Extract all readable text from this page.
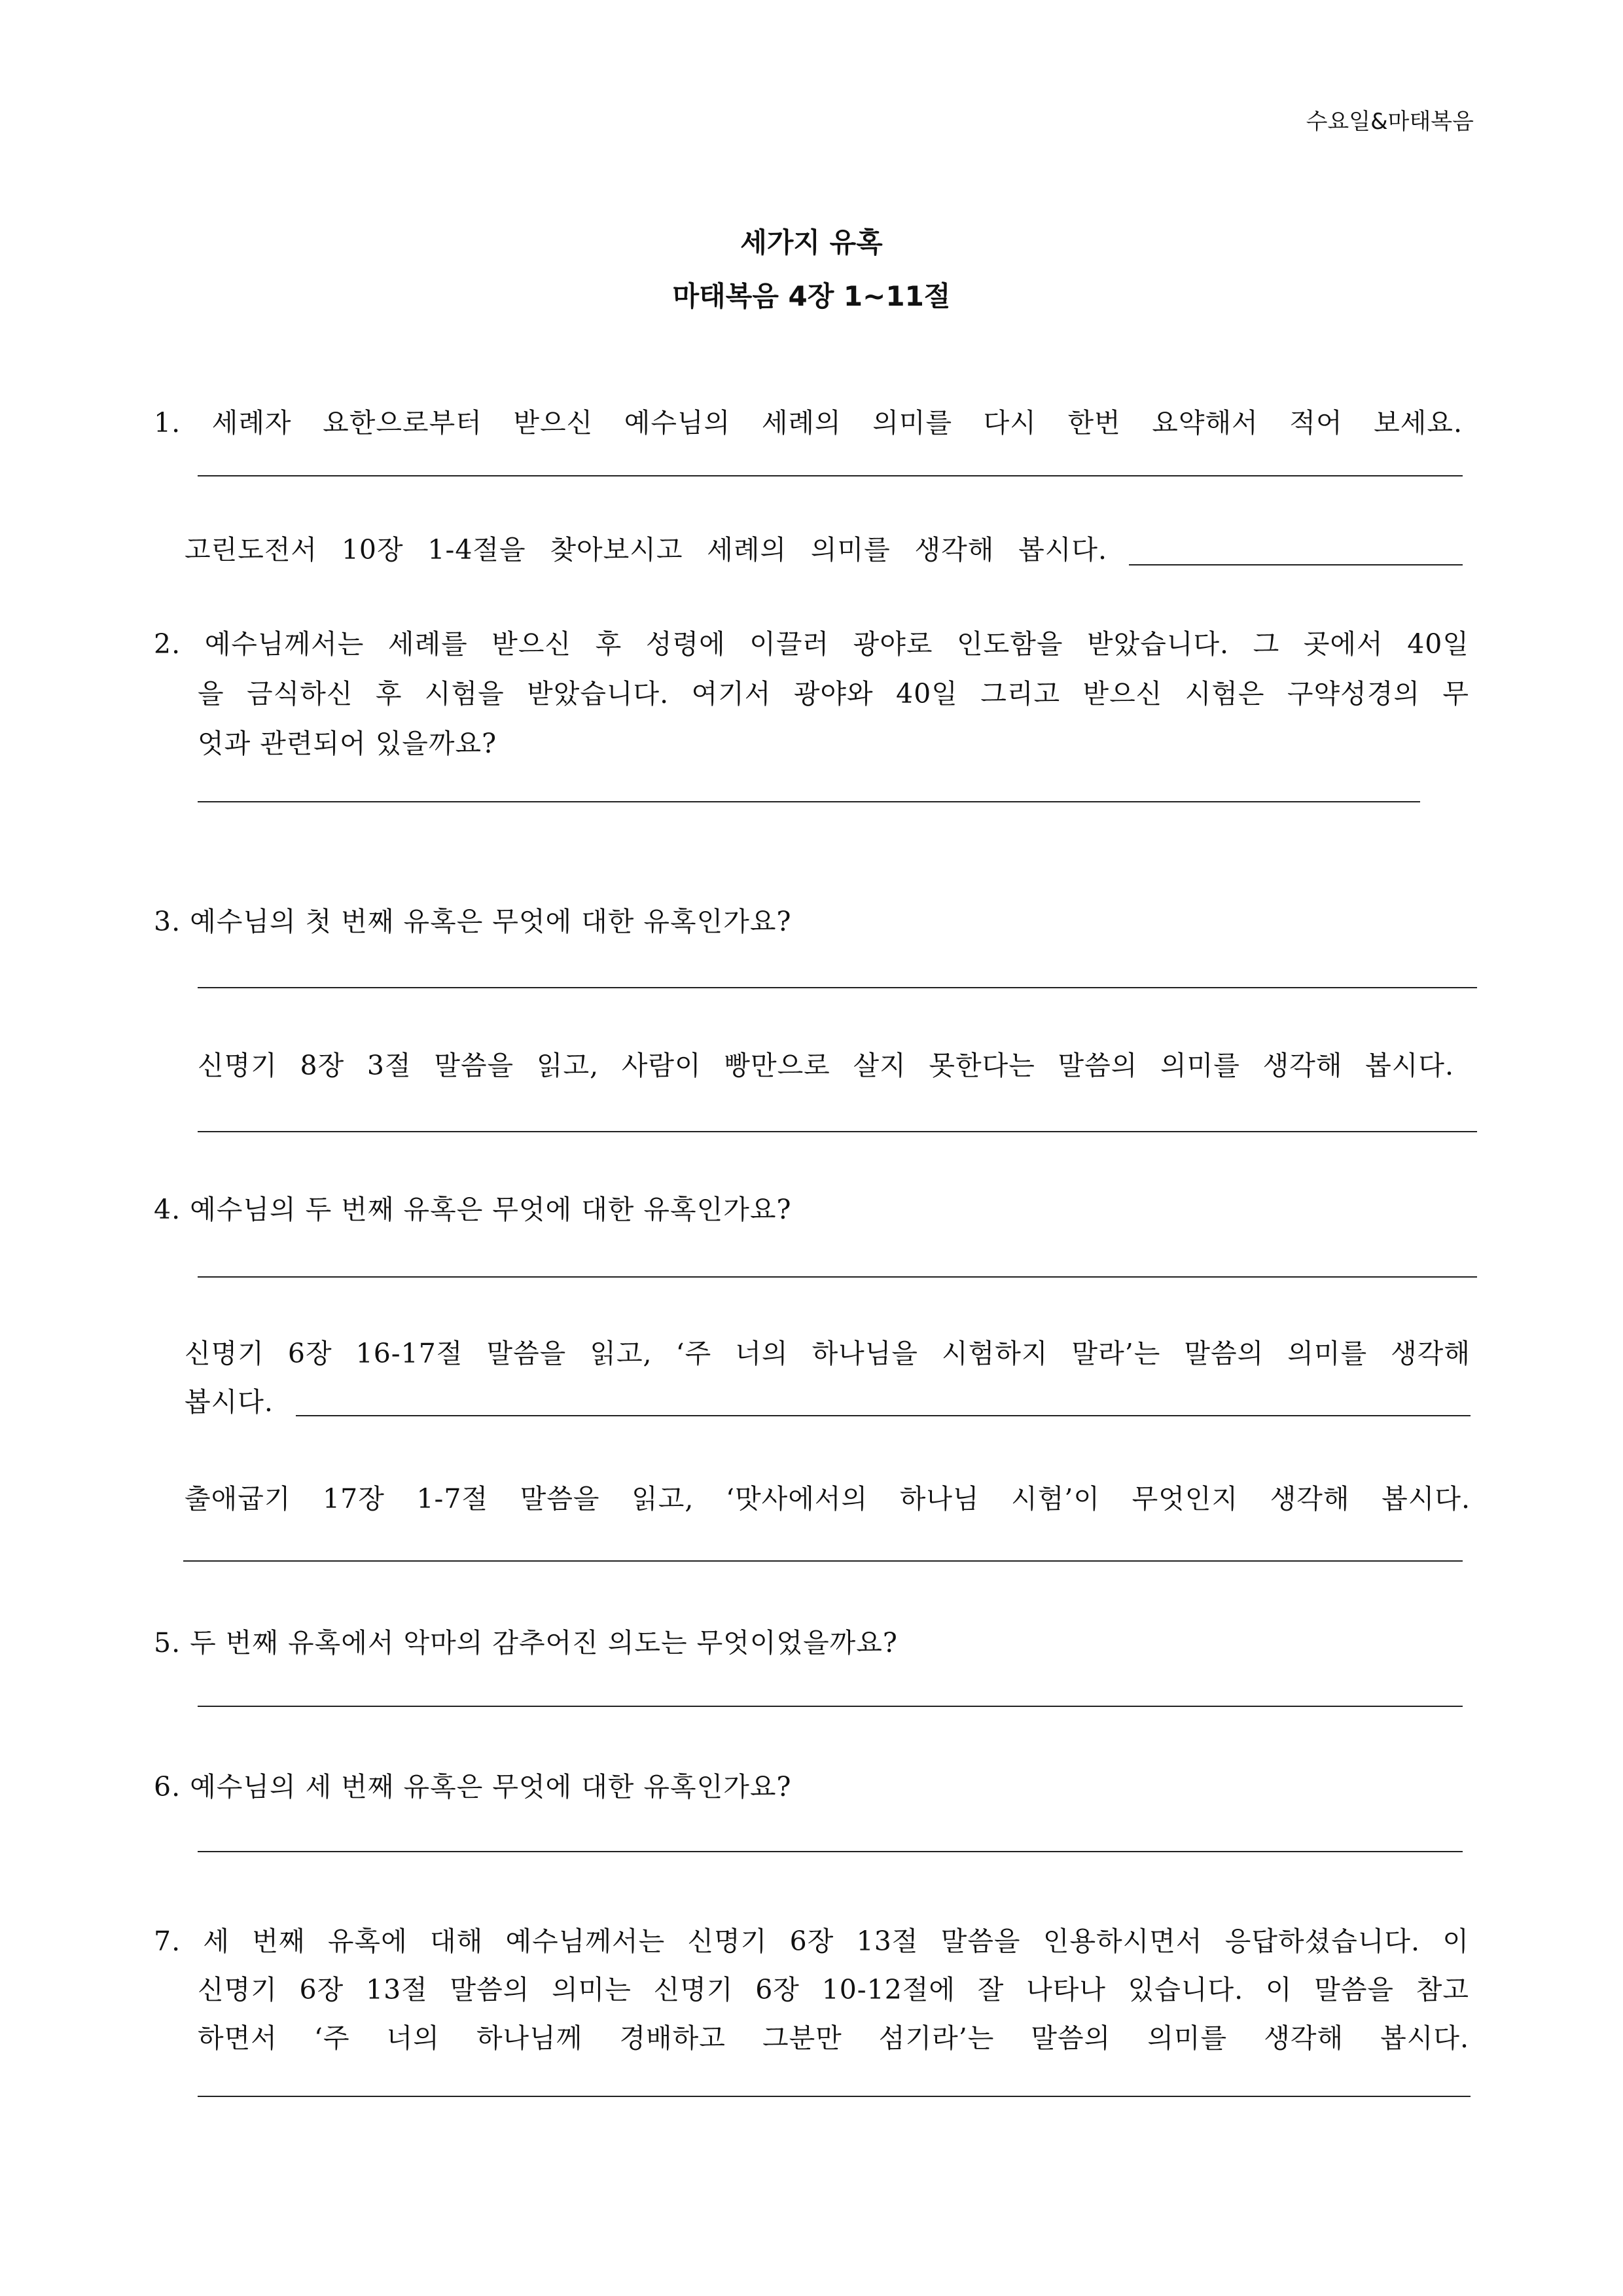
수요일&마태복음
세가지 유혹
마태복음 4장 1~11절
1. 세례자 요한으로부터 받으신 예수님의 세례의 의미를 다시 한번 요약해서 적어 보세요.
고린도전서 10장 1-4절을 찾아보시고 세례의 의미를 생각해 봅시다.
2. 예수님께서는 세례를 받으신 후 성령에 이끌러 광야로 인도함을 받았습니다. 그 곳에서 40일
을 금식하신 후 시험을 받았습니다. 여기서 광야와 40일 그리고 받으신 시험은 구약성경의 무
엇과 관련되어 있을까요?
3. 예수님의 첫 번째 유혹은 무엇에 대한 유혹인가요?
신명기 8장 3절 말씀을 읽고, 사람이 빵만으로 살지 못한다는 말씀의 의미를 생각해 봅시다.
4. 예수님의 두 번째 유혹은 무엇에 대한 유혹인가요?
신명기 6장 16-17절 말씀을 읽고, ‘주 너의 하나님을 시험하지 말라’는 말씀의 의미를 생각해
봅시다.
출애굽기 17장 1-7절 말씀을 읽고, ‘맛사에서의 하나님 시험’이 무엇인지 생각해 봅시다.
5. 두 번째 유혹에서 악마의 감추어진 의도는 무엇이었을까요?
6. 예수님의 세 번째 유혹은 무엇에 대한 유혹인가요?
7. 세 번째 유혹에 대해 예수님께서는 신명기 6장 13절 말씀을 인용하시면서 응답하셨습니다. 이
신명기 6장 13절 말씀의 의미는 신명기 6장 10-12절에 잘 나타나 있습니다. 이 말씀을 참고
하면서 ‘주 너의 하나님께 경배하고 그분만 섬기라’는 말씀의 의미를 생각해 봅시다.
